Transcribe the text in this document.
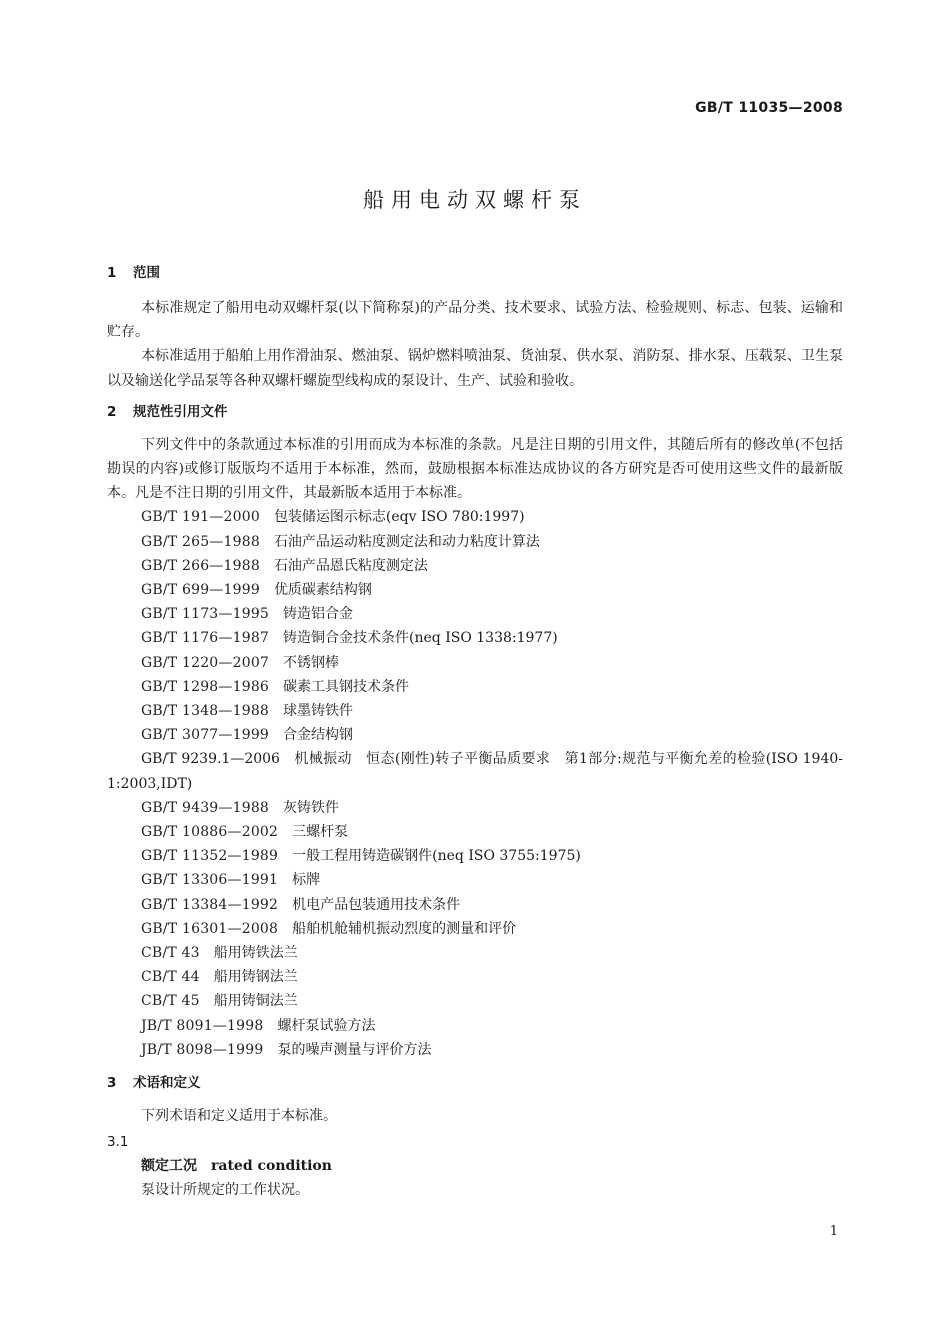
GB/T 11035—2008
船用电动双螺杆泵
1 范围

本标准规定了船用电动双螺杆泵(以下简称泵)的产品分类、技术要求、试验方法、检验规则、标志、包装、运输和贮存。

本标准适用于船舶上用作滑油泵、燃油泵、锅炉燃料喷油泵、货油泵、供水泵、消防泵、排水泵、压载泵、卫生泵以及输送化学品泵等各种双螺杆螺旋型线构成的泵设计、生产、试验和验收。

2 规范性引用文件

下列文件中的条款通过本标准的引用而成为本标准的条款。凡是注日期的引用文件，其随后所有的修改单(不包括勘误的内容)或修订版版均不适用于本标准，然而，鼓励根据本标准达成协议的各方研究是否可使用这些文件的最新版本。凡是不注日期的引用文件，其最新版本适用于本标准。

GB/T 191—2000 包装储运图示标志(eqv ISO 780:1997)

GB/T 265—1988 石油产品运动粘度测定法和动力粘度计算法

GB/T 266—1988 石油产品恩氏粘度测定法

GB/T 699—1999 优质碳素结构钢

GB/T 1173—1995 铸造铝合金

GB/T 1176—1987 铸造铜合金技术条件(neq ISO 1338:1977)

GB/T 1220—2007 不锈钢棒

GB/T 1298—1986 碳素工具钢技术条件

GB/T 1348—1988 球墨铸铁件

GB/T 3077—1999 合金结构钢

GB/T 9239.1—2006 机械振动　恒态(刚性)转子平衡品质要求　第1部分:规范与平衡允差的检验(ISO 1940-1:2003,IDT)

GB/T 9439—1988 灰铸铁件

GB/T 10886—2002 三螺杆泵

GB/T 11352—1989 一般工程用铸造碳钢件(neq ISO 3755:1975)

GB/T 13306—1991 标牌

GB/T 13384—1992 机电产品包装通用技术条件

GB/T 16301—2008 船舶机舱辅机振动烈度的测量和评价

CB/T 43 船用铸铁法兰

CB/T 44 船用铸钢法兰

CB/T 45 船用铸铜法兰

JB/T 8091—1998 螺杆泵试验方法

JB/T 8098—1999 泵的噪声测量与评价方法

3 术语和定义

下列术语和定义适用于本标准。

3.1

额定工况 rated condition

泵设计所规定的工作状况。

1
